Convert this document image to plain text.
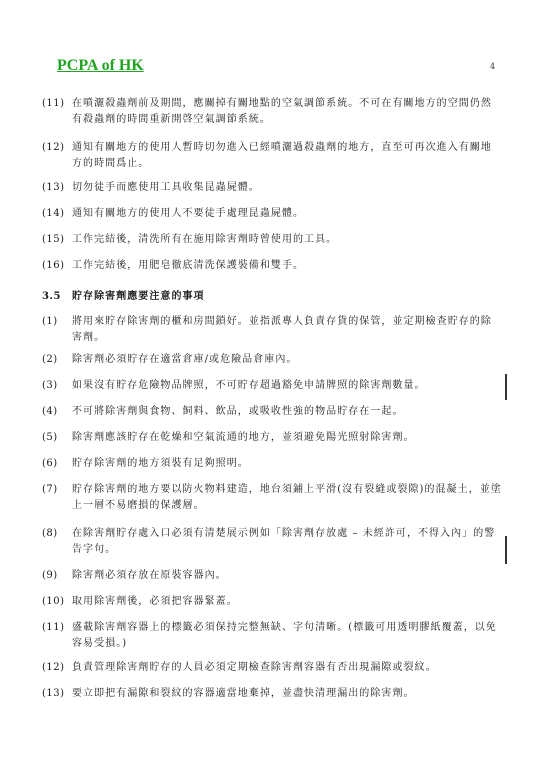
PCPA of HK	4
(11) 在噴灑殺蟲劑前及期間，應關掉有關地點的空氣調節系統。不可在有關地方的空間仍然有殺蟲劑的時間重新開啓空氣調節系統。
(12) 通知有關地方的使用人暫時切勿進入已經噴灑過殺蟲劑的地方，直至可再次進入有關地方的時間爲止。
(13) 切勿徒手而應使用工具收集昆蟲屍體。
(14) 通知有關地方的使用人不要徒手處理昆蟲屍體。
(15) 工作完結後，清洗所有在施用除害劑時曾使用的工具。
(16) 工作完結後，用肥皂徹底清洗保護裝備和雙手。
3.5 貯存除害劑應要注意的事項
(1)	將用來貯存除害劑的櫃和房間鎖好。並指派專人負責存貨的保管，並定期檢查貯存的除害劑。
(2)	除害劑必須貯存在適當倉庫/或危險品倉庫內。
(3)	如果沒有貯存危險物品牌照，不可貯存超過豁免申請牌照的除害劑數量。
(4)	不可將除害劑與食物、飼料、飲品，或吸收性強的物品貯存在一起。
(5)	除害劑應該貯存在乾燥和空氣流通的地方，並須避免陽光照射除害劑。
(6)	貯存除害劑的地方須裝有足夠照明。
(7)	貯存除害劑的地方要以防火物料建造，地台須鋪上平滑(沒有裂縫或裂隙)的混凝土，並塗上一層不易磨損的保護層。
(8)	在除害劑貯存處入口必須有清楚展示例如「除害劑存放處 – 未經許可，不得入內」的警告字句。
(9)	除害劑必須存放在原裝容器內。
(10) 取用除害劑後，必須把容器緊蓋。
(11) 盛載除害劑容器上的標籤必須保持完整無缺、字句清晰。(標籤可用透明膠紙覆蓋，以免容易受損。)
(12) 負責管理除害劑貯存的人員必須定期檢查除害劑容器有否出現漏隙或裂紋。
(13) 要立即把有漏隙和裂紋的容器適當地棄掉，並盡快清理漏出的除害劑。
